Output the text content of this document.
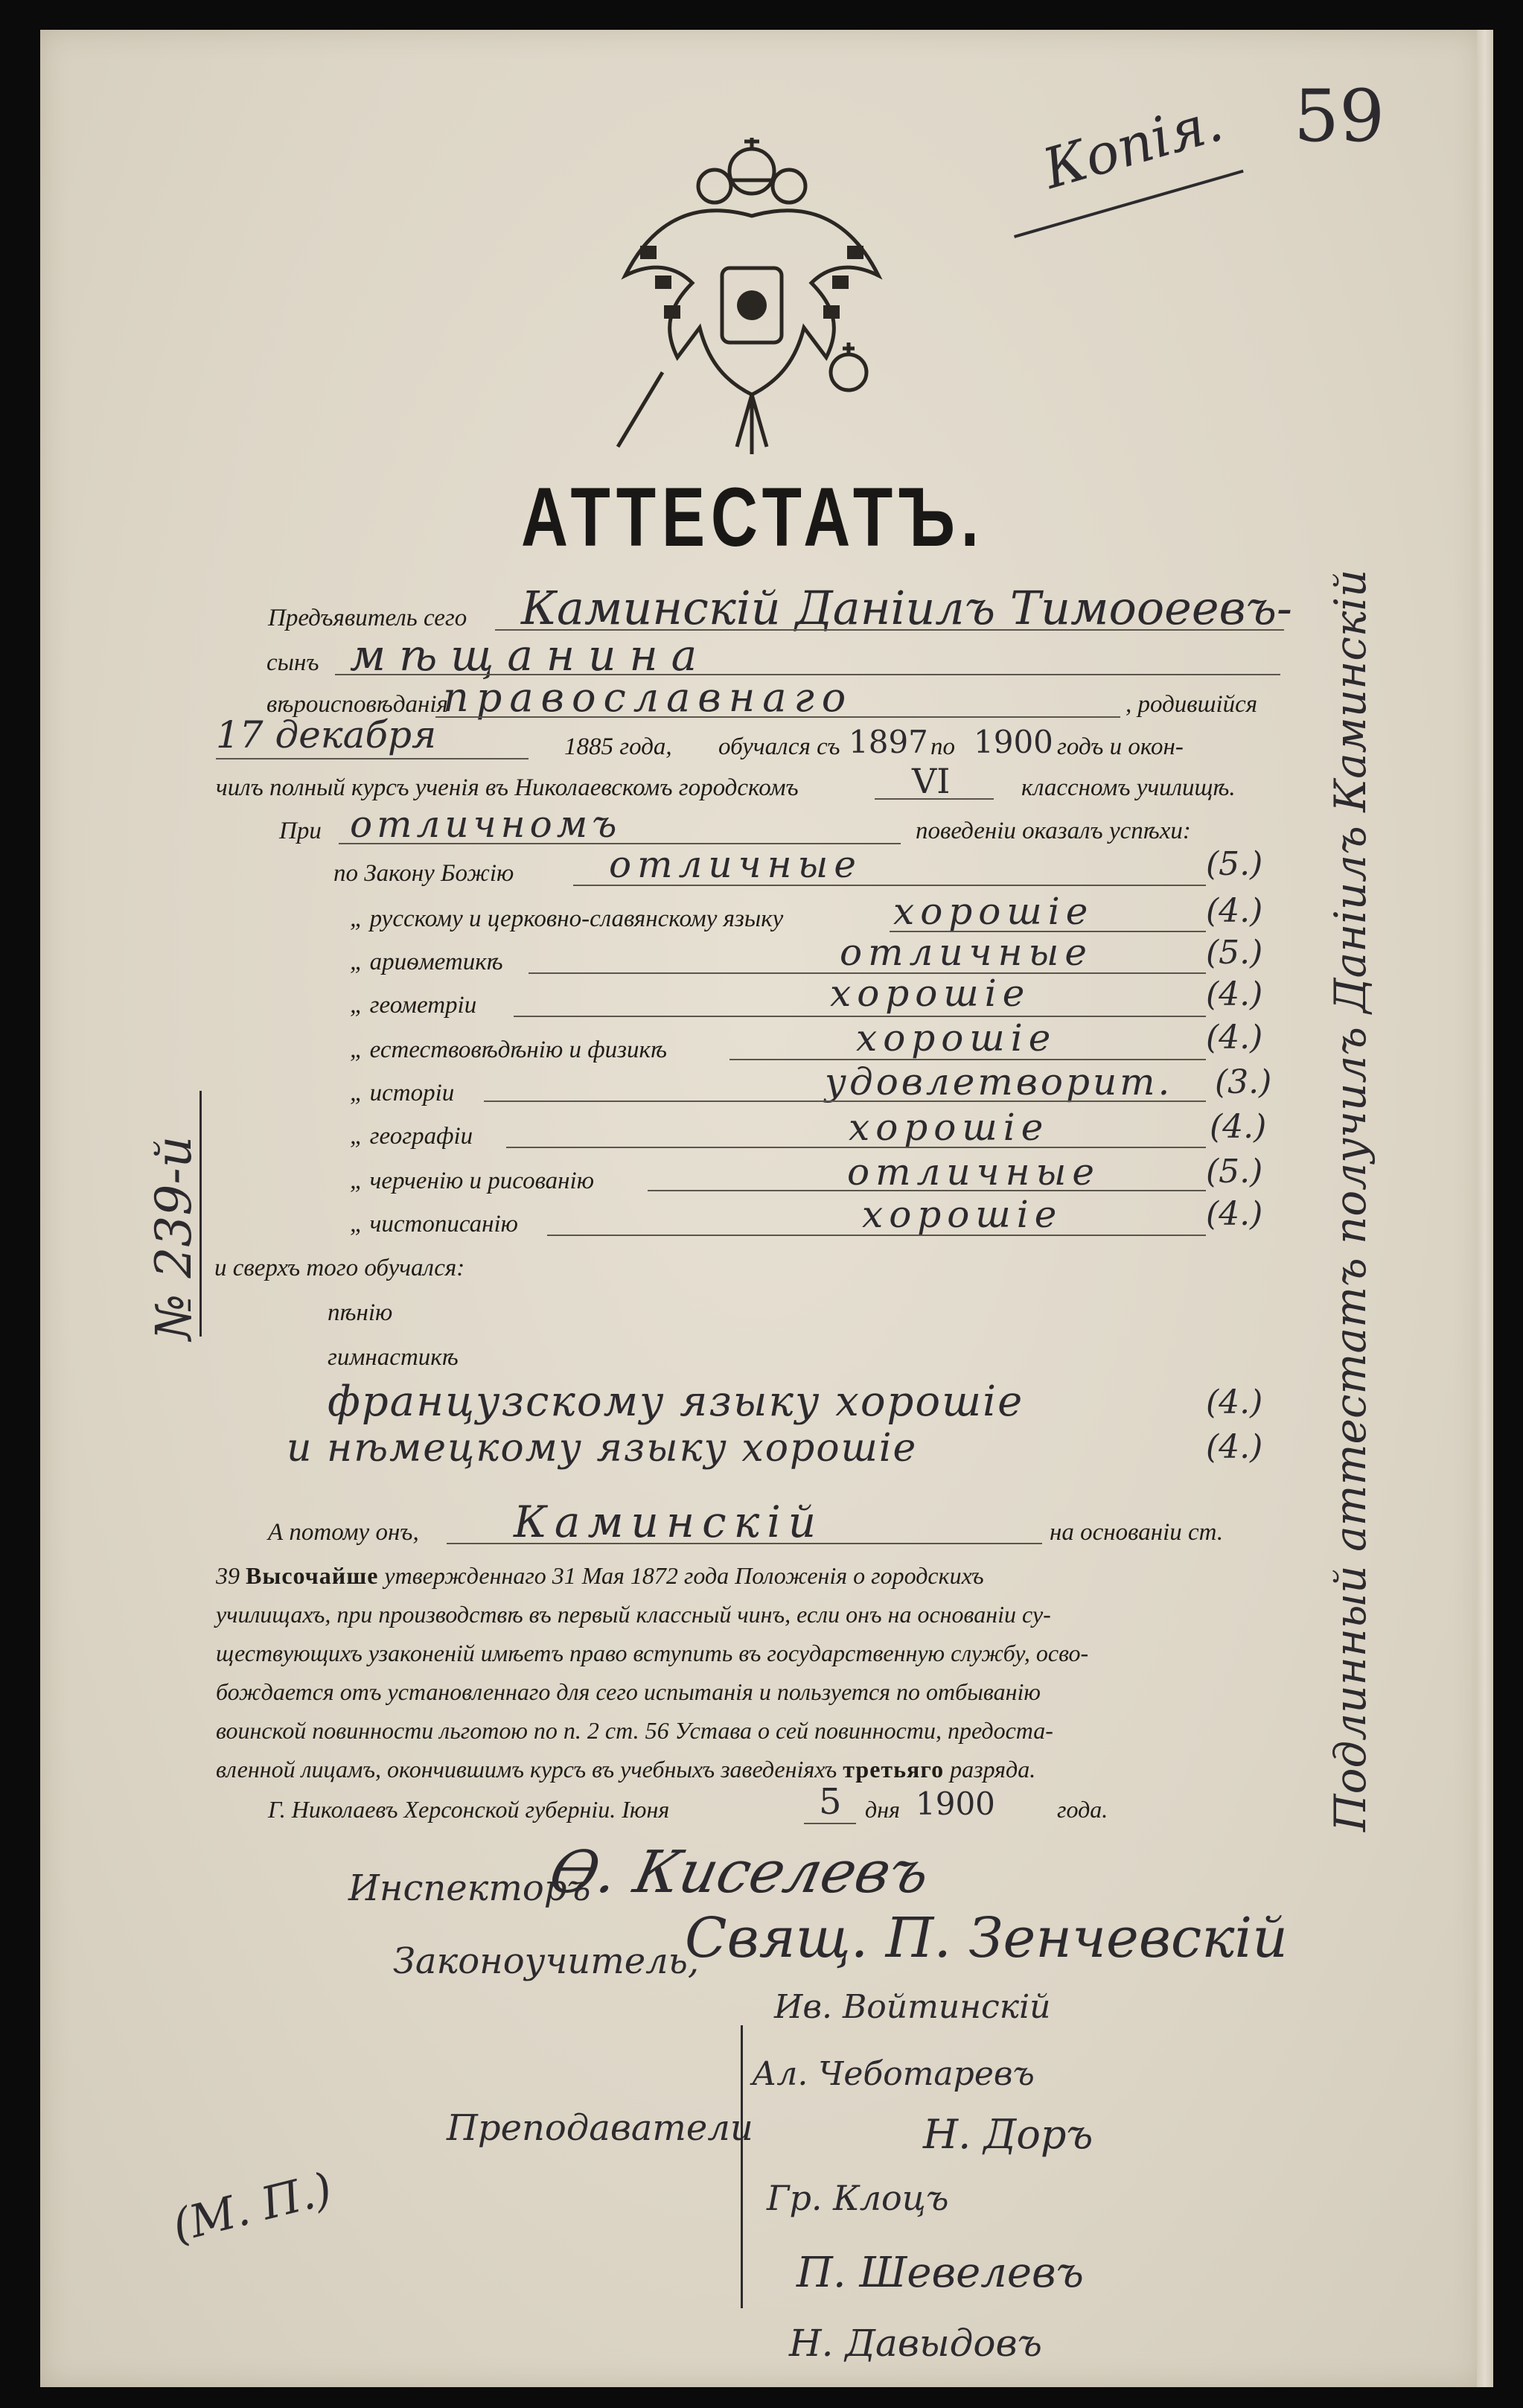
59
Копія.
АТТЕСТАТЪ.
Предъявитель сего Каминскій Даніилъ Тимооеевъ-
сынъ мѣщанина
вѣроисповѣданія
православнаго	, родившійся
17 декабря	1885 года, обучался съ 1897 по 1900 годъ и окон-
чилъ полный курсъ ученія въ Николаевскомъ городскомъ	VI	классномъ училищѣ.
При отличномъ	поведеніи оказалъ успѣхи:
по Закону Божію	отличные	(5.)
„ русскому и церковно-славянскому языку	хорошіе	(4.)
„ ариѳметикѣ	отличные	(5.)
„ геометріи	хорошіе	(4.)
„ естествовѣдѣнію и физикѣ	хорошіе	(4.)
„ исторіи	удовлетворит. (3.)
„ географіи	хорошіе	(4.)
„ черченію и рисованію	отличные	(5.)
„ чистописанію	хорошіе	(4.)
и сверхъ того обучался:
пѣнію
гимнастикѣ
французскому языку хорошіе	(4.)
и нѣмецкому языку хорошіе	(4.)
№ 239-й
А потому онъ, Каминскій	на основаніи ст.
39 Высочайше утвержденнаго 31 Мая 1872 года Положенія о городскихъ
училищахъ, при производствѣ въ первый классный чинъ, если онъ на основаніи су-
ществующихъ узаконеній имѣетъ право вступить въ государственную службу, осво-
бождается отъ установленнаго для сего испытанія и пользуется по отбыванію
воинской повинности льготою по п. 2 ст. 56 Устава о сей повинности, предоста-
вленной лицамъ, окончившимъ курсъ въ учебныхъ заведеніяхъ третьяго разряда.
Г. Николаевъ Херсонской губерніи. Іюня	5 дня 1900	года.
Инспекторъ
Ѳ. Киселевъ
Законоучитель,
Свящ. П. Зенчевскій
Преподаватели
Ив. Войтинскій
Ал. Чеботаревъ
Н. Доръ
Гр. Клоцъ
П. Шевелевъ
Н. Давыдовъ
(М. П.)
Подлинный аттестатъ получилъ Даніилъ Каминскій
